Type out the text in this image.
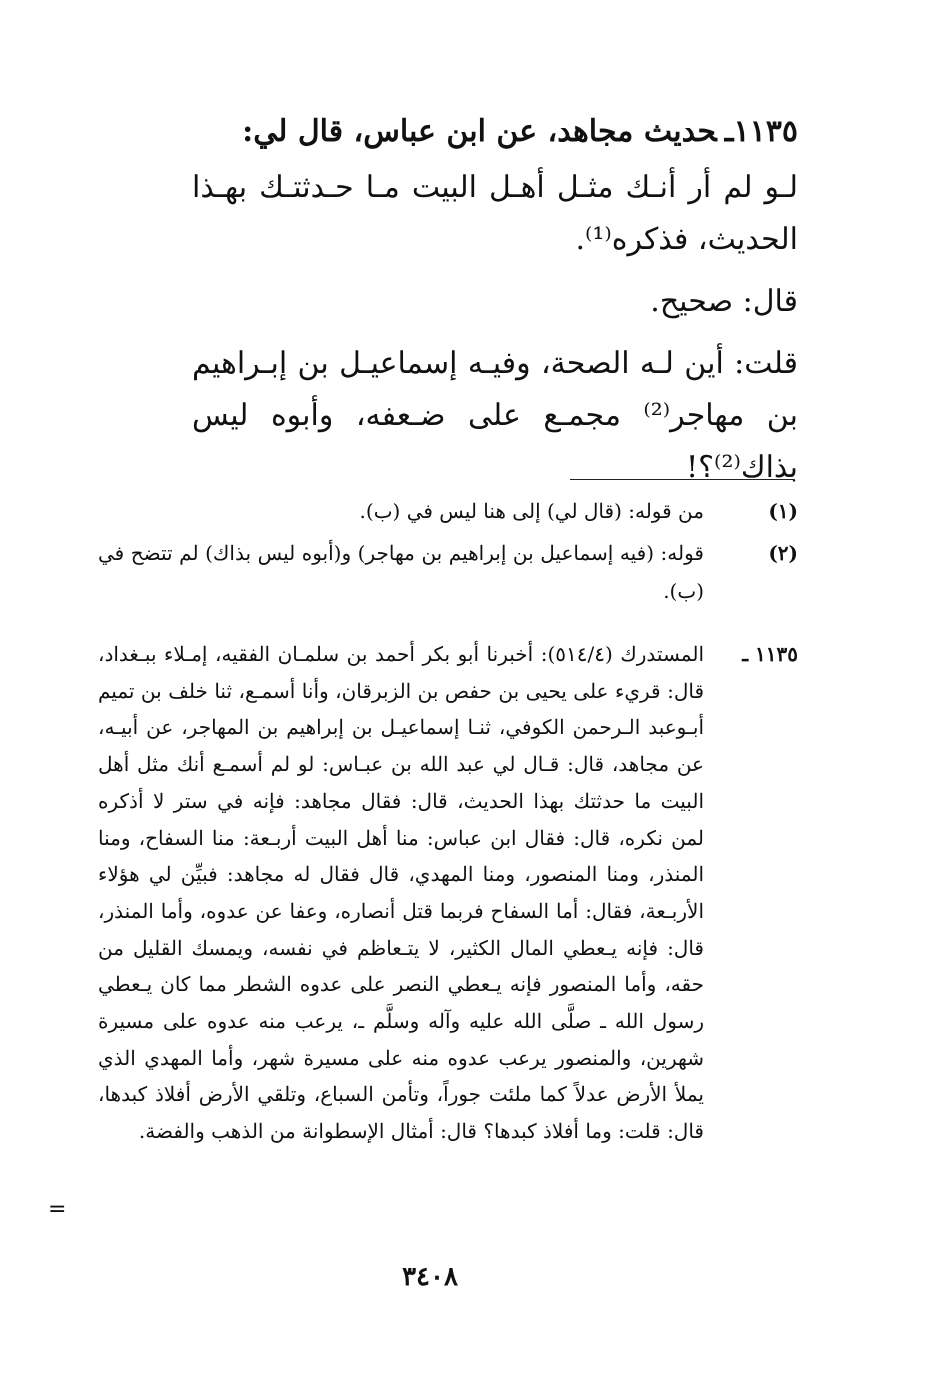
١١٣٥ـحديث مجاهد، عن ابن عباس، قال لي:
لـو لم أر أنـك مثـل أهـل البيت مـا حـدثتـك بهـذا الحديث، فذكره⁽¹⁾.
قال: صحيح.
قلت: أين لـه الصحة، وفيـه إسماعيـل بن إبـراهيم بن مهاجر⁽²⁾ مجمـع على ضـعفه، وأبوه ليس بذاك⁽²⁾؟!
(١)
من قوله: (قال لي) إلى هنا ليس في (ب).
(٢)
قوله: (فيه إسماعيل بن إبراهيم بن مهاجر) و(أبوه ليس بذاك) لم تتضح في (ب).
١١٣٥ ـ
المستدرك (٥١٤/٤): أخبرنا أبو بكر أحمد بن سلمـان الفقيه، إمـلاء ببـغداد، قال: قريء على يحيى بن حفص بن الزبرقان، وأنا أسمـع، ثنا خلف بن تميم أبـوعبد الـرحمن الكوفي، ثنـا إسماعيـل بن إبراهيم بن المهاجر، عن أبيـه، عن مجاهد، قال: قـال لي عبد الله بن عبـاس: لو لم أسمـع أنك مثل أهل البيت ما حدثتك بهذا الحديث، قال: فقال مجاهد: فإنه في ستر لا أذكره لمن نكره، قال: فقال ابن عباس: منا أهل البيت أربـعة: منا السفاح، ومنا المنذر، ومنا المنصور، ومنا المهدي، قال فقال له مجاهد: فبيِّن لي هؤلاء الأربـعة، فقال: أما السفاح فربما قتل أنصاره، وعفا عن عدوه، وأما المنذر، قال: فإنه يـعطي المال الكثير، لا يتـعاظم في نفسه، ويمسك القليل من حقه، وأما المنصور فإنه يـعطي النصر على عدوه الشطر مما كان يـعطي رسول الله ـ صلَّى الله عليه وآله وسلَّم ـ، يرعب منه عدوه على مسيرة شهرين، والمنصور يرعب عدوه منه على مسيرة شهر، وأما المهدي الذي يملأ الأرض عدلاً كما ملئت جوراً، وتأمن السباع، وتلقي الأرض أفلاذ كبدها، قال: قلت: وما أفلاذ كبدها؟ قال: أمثال الإسطوانة من الذهب والفضة.
=
٣٤٠٨
